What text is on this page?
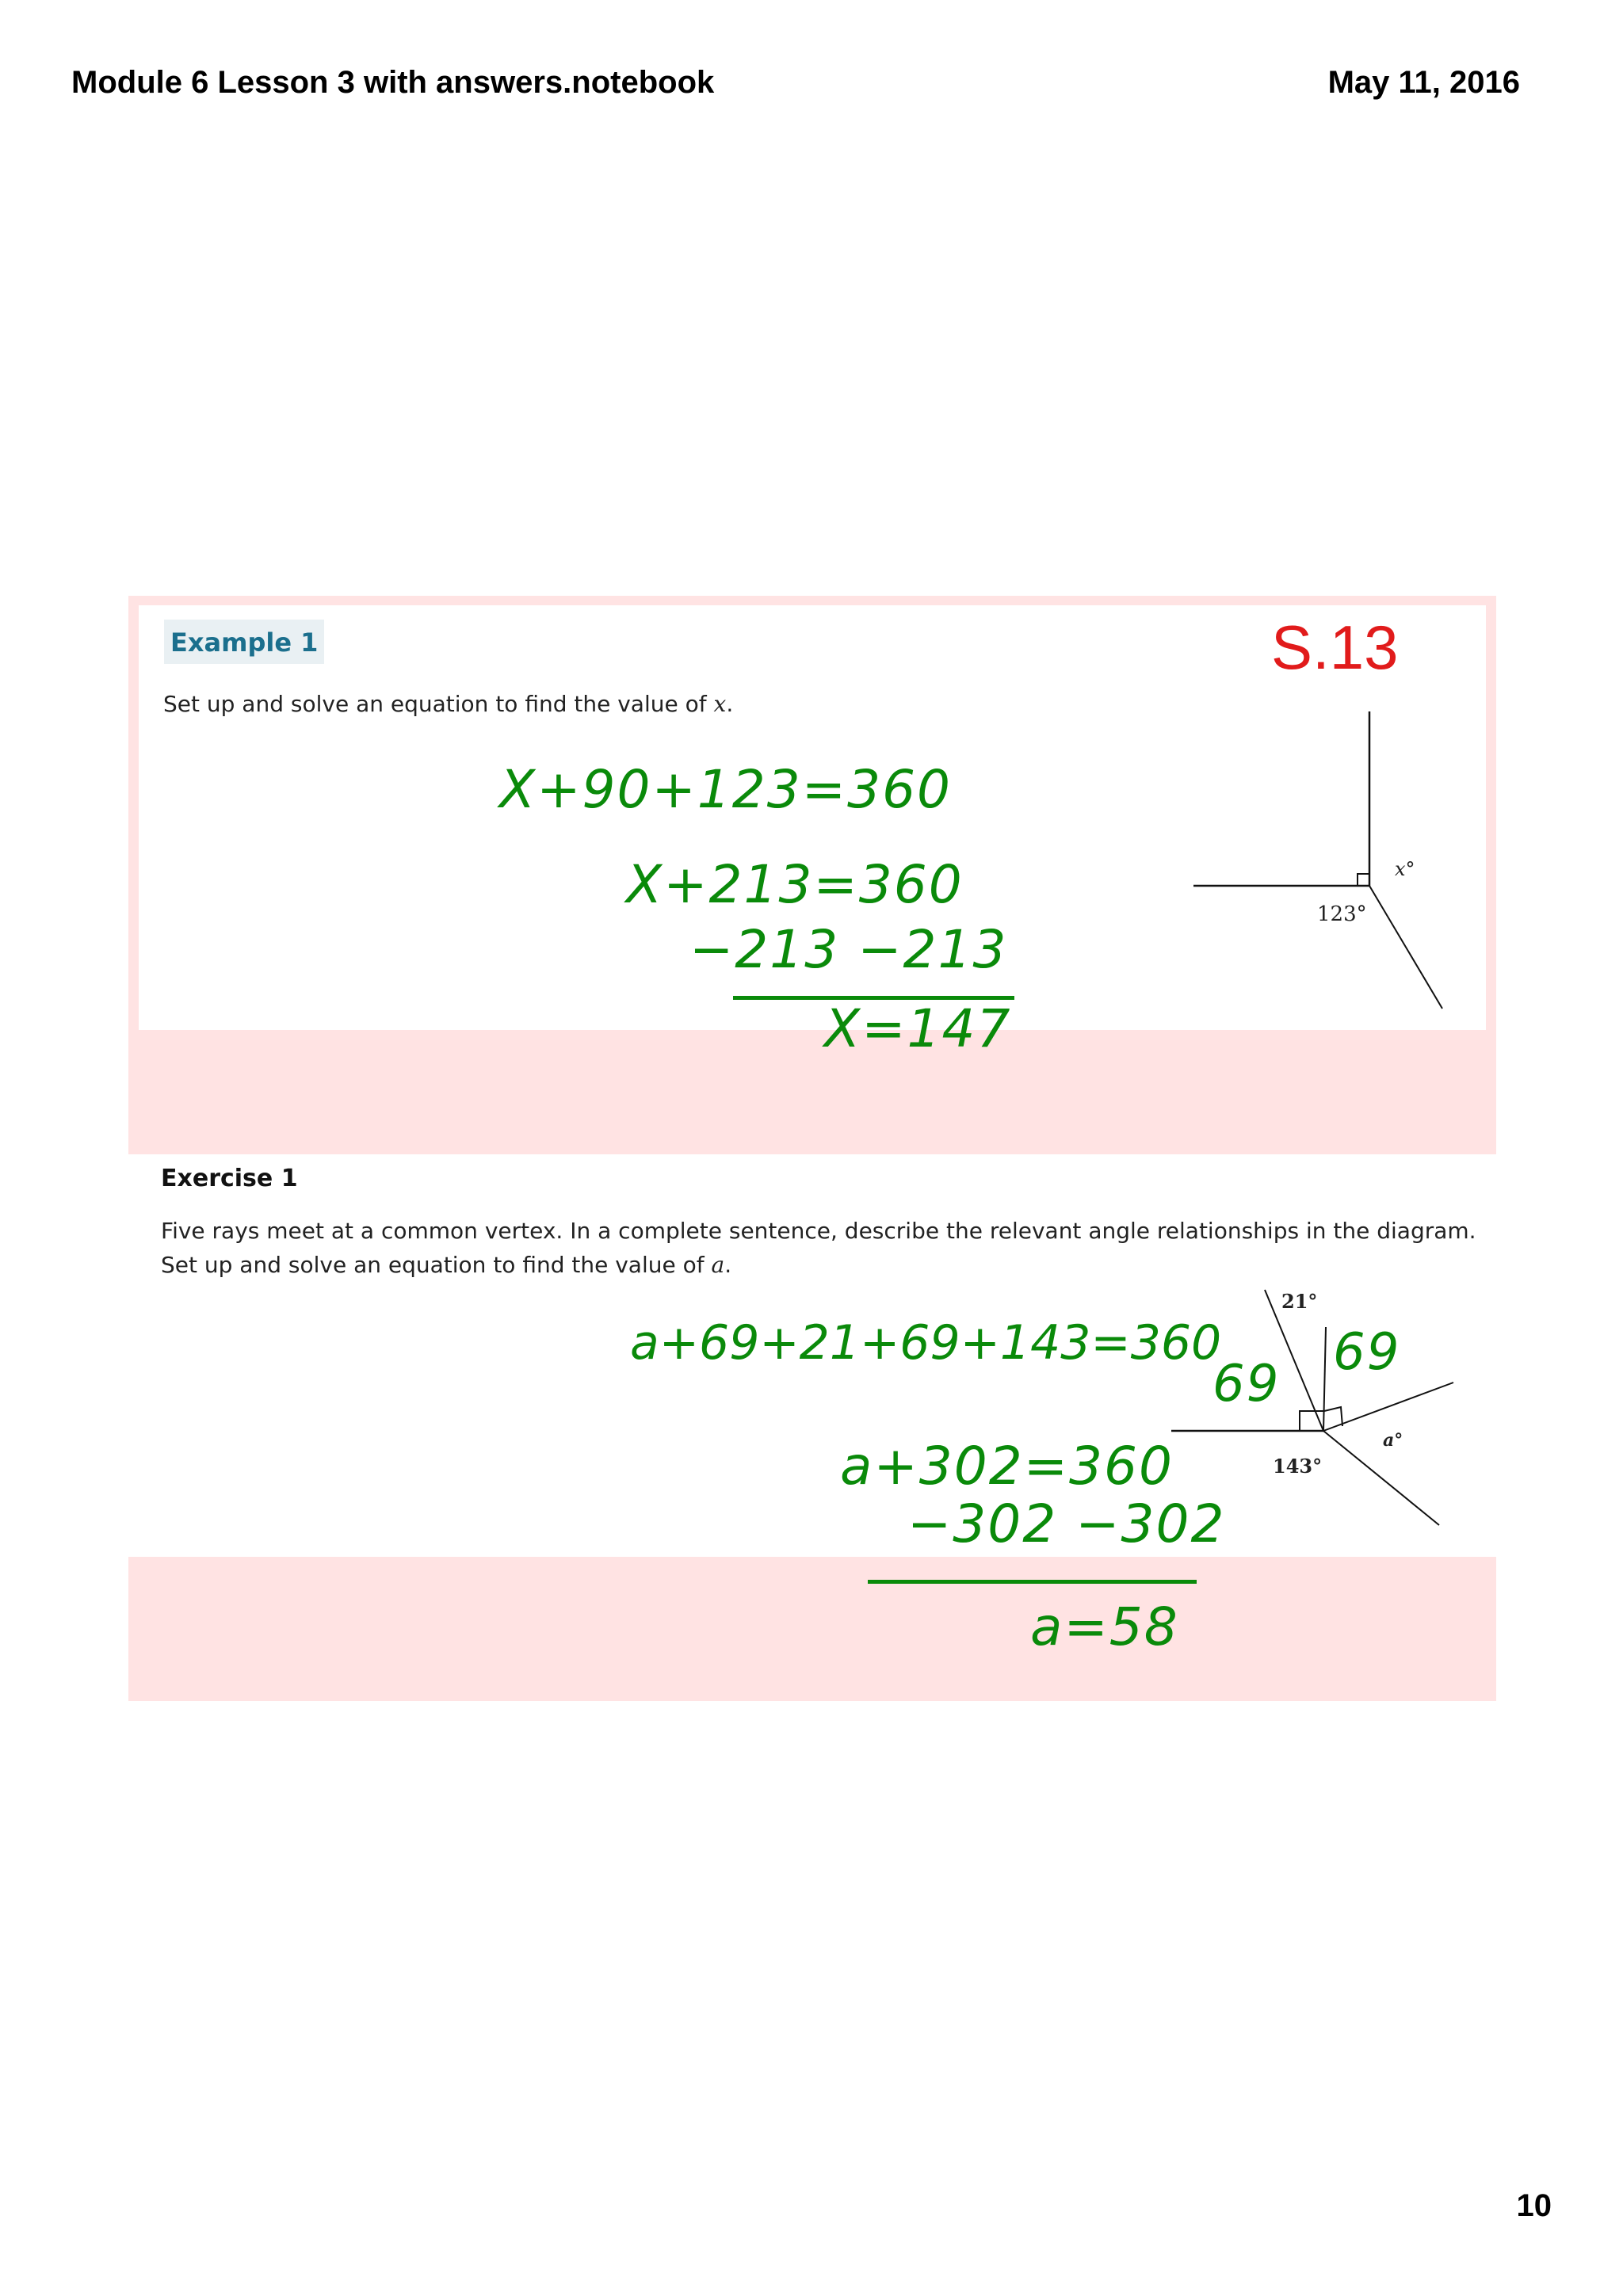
Module 6 Lesson 3 with answers.notebook	May 11, 2016
Example 1	S.13
Set up and solve an equation to find the value of x.
123°
x°
X+90+123=360
X+213=360
−213 −213
X=147
Exercise 1
Five rays meet at a common vertex. In a complete sentence, describe the relevant angle relationships in the diagram.
Set up and solve an equation to find the value of a.
21°
143°
a°
a+69+21+69+143=360
69
69
a+302=360
−302 −302
a=58
10
